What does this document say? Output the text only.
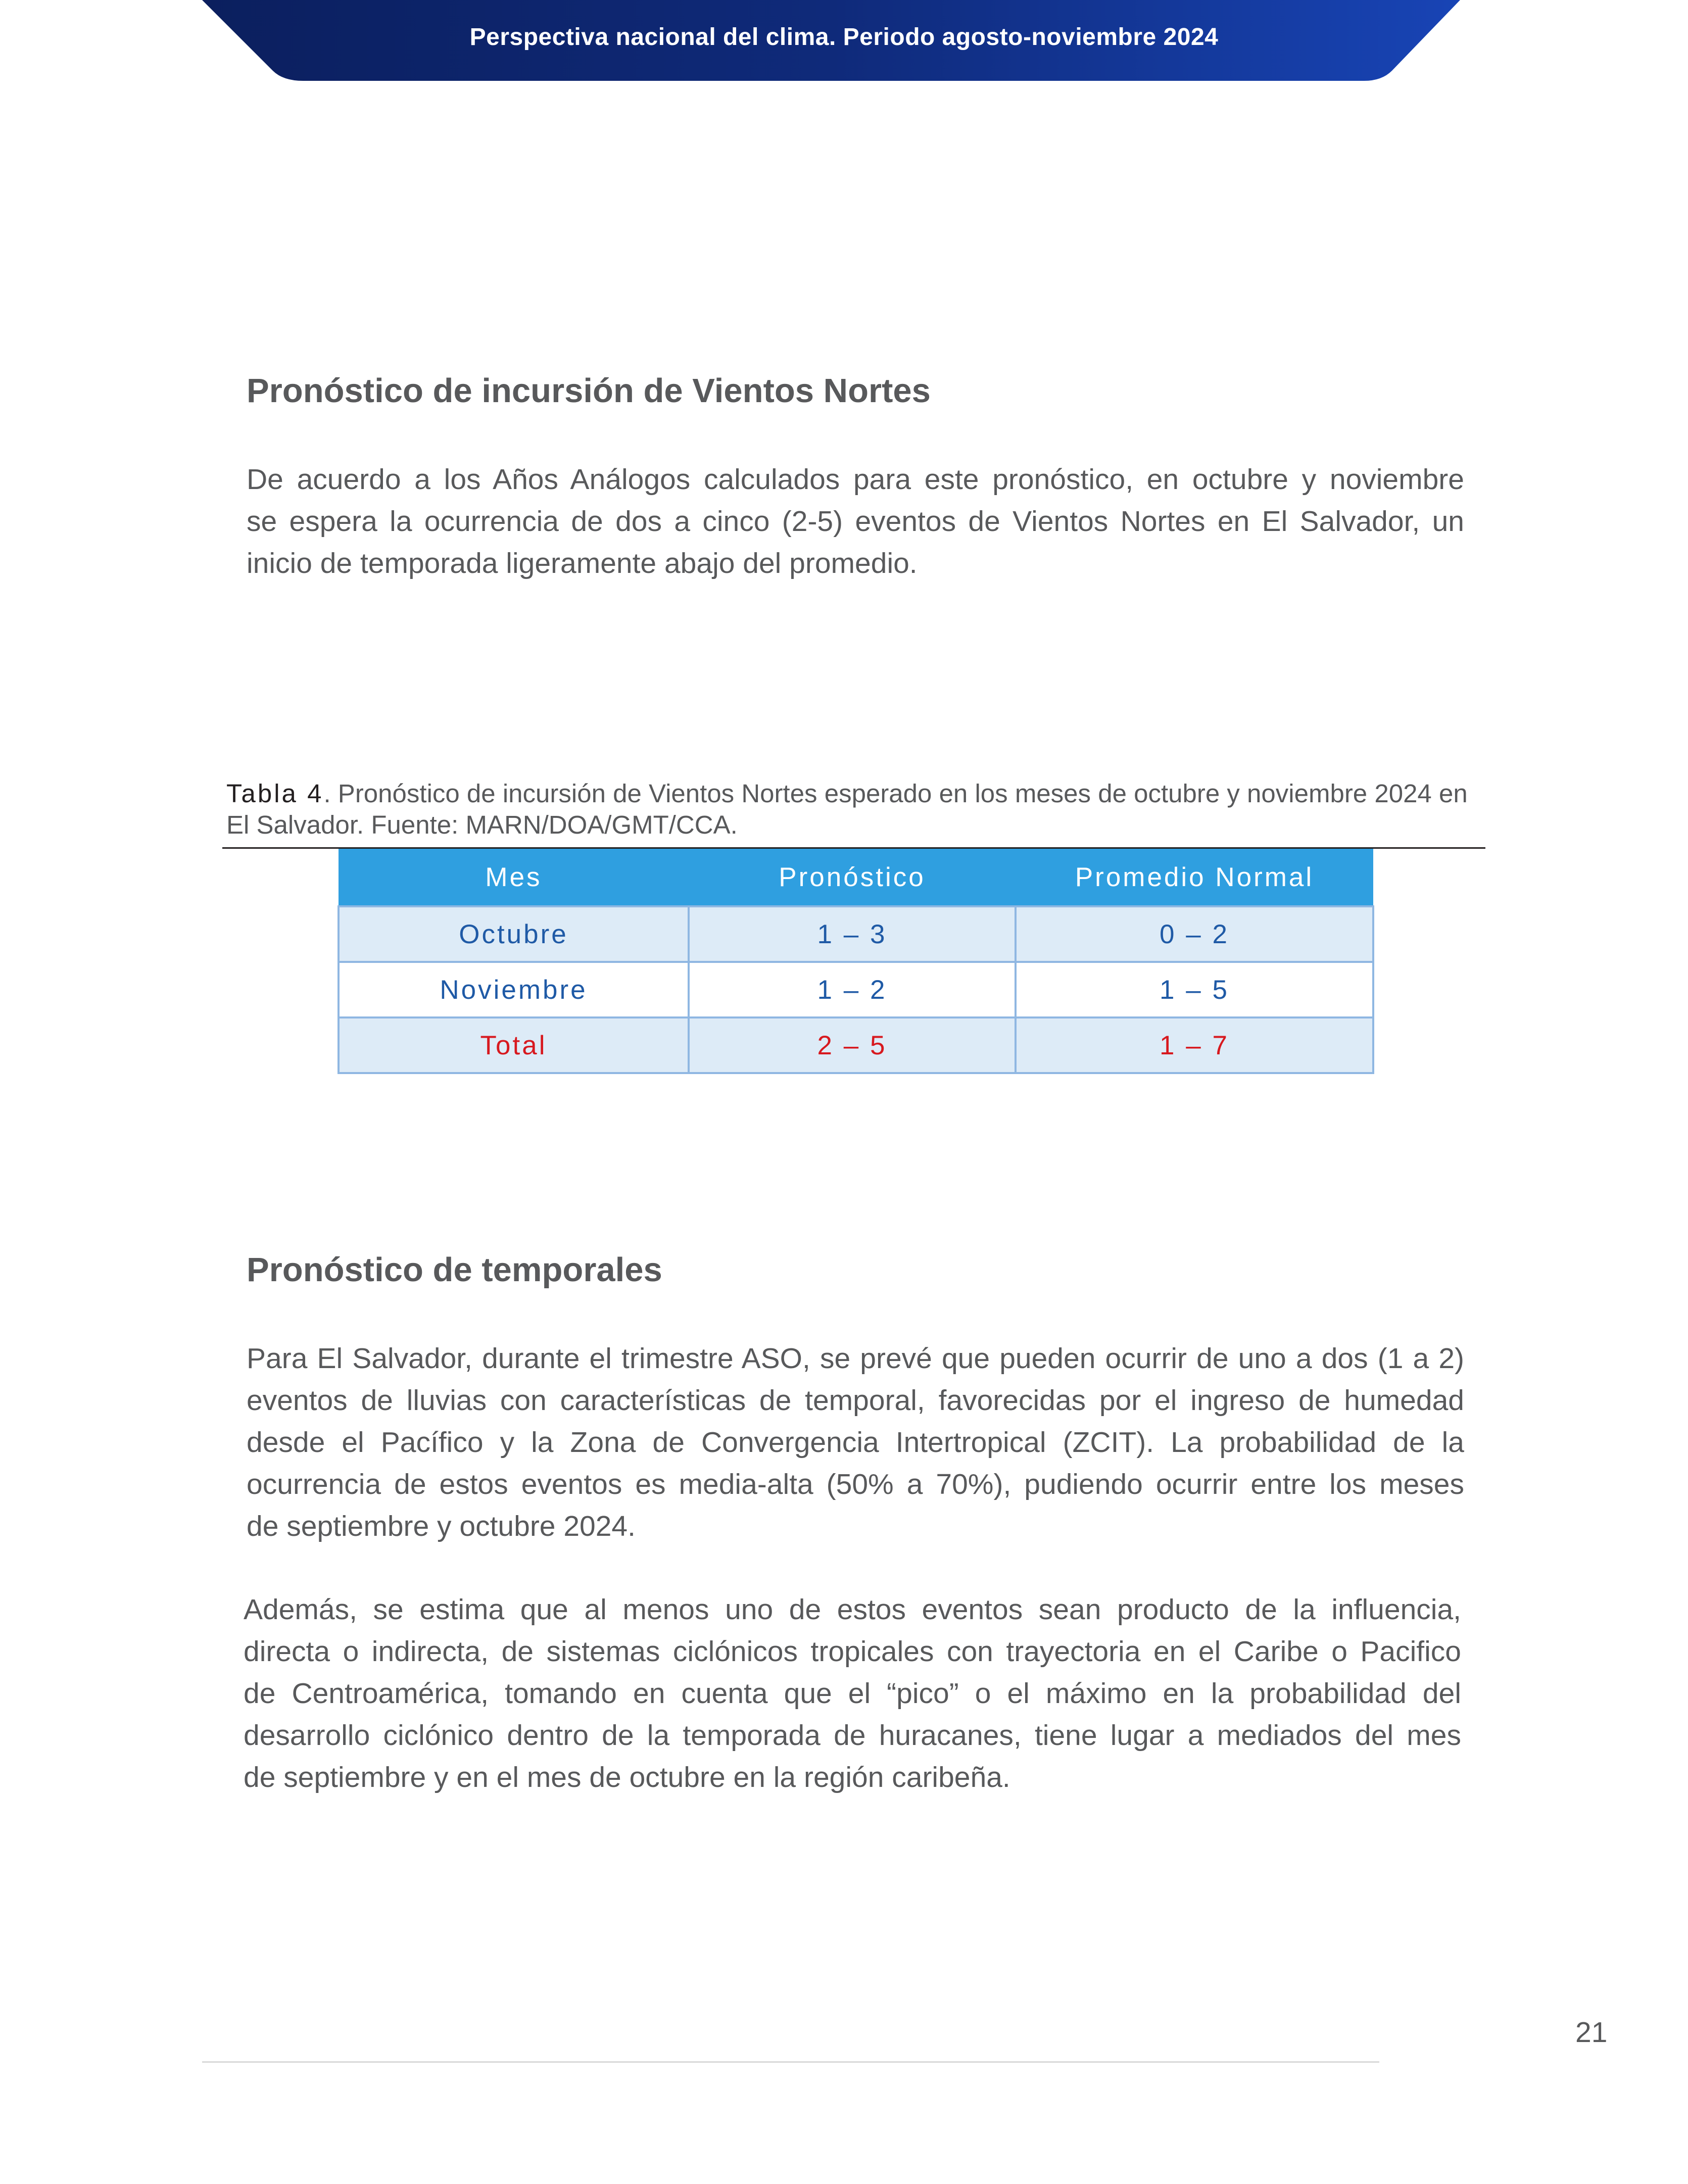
Perspectiva nacional del clima. Periodo agosto-noviembre 2024
Pronóstico de incursión de Vientos Nortes
De acuerdo a los Años Análogos calculados para este pronóstico, en octubre y noviembre
se espera la ocurrencia de dos a cinco (2-5) eventos de Vientos Nortes en El Salvador, un
inicio de temporada ligeramente abajo del promedio.
Tabla 4. Pronóstico de incursión de Vientos Nortes esperado en los meses de octubre y noviembre 2024 en El Salvador. Fuente: MARN/DOA/GMT/CCA.
Mes	Pronóstico	Promedio Normal
Octubre	1 – 3	0 – 2
Noviembre	1 – 2	1 – 5
Total	2 – 5	1 – 7
Pronóstico de temporales
Para El Salvador, durante el trimestre ASO, se prevé que pueden ocurrir de uno a dos (1 a 2)
eventos de lluvias con características de temporal, favorecidas por el ingreso de humedad
desde el Pacífico y la Zona de Convergencia Intertropical (ZCIT). La probabilidad de la
ocurrencia de estos eventos es media-alta (50% a 70%), pudiendo ocurrir entre los meses
de septiembre y octubre 2024.
Además, se estima que al menos uno de estos eventos sean producto de la influencia,
directa o indirecta, de sistemas ciclónicos tropicales con trayectoria en el Caribe o Pacifico
de Centroamérica, tomando en cuenta que el “pico” o el máximo en la probabilidad del
desarrollo ciclónico dentro de la temporada de huracanes, tiene lugar a mediados del mes
de septiembre y en el mes de octubre en la región caribeña.
21
